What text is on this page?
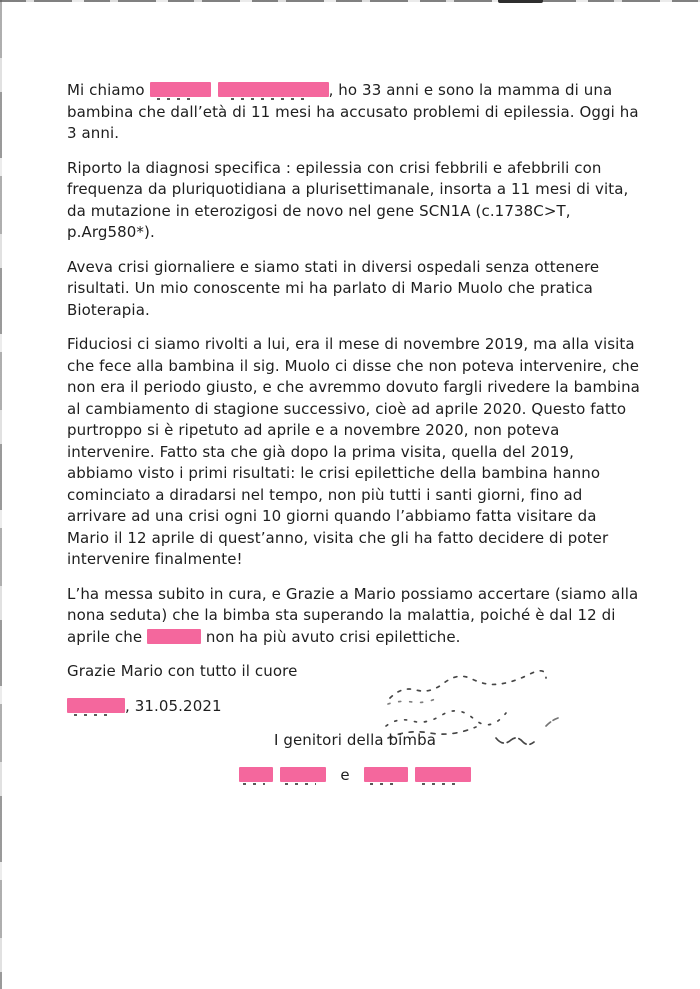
Mi chiamo	, ho 33 anni e sono la mamma di una bambina che dall’età di 11 mesi ha accusato problemi di epilessia. Oggi ha 3 anni.

Riporto la diagnosi specifica : epilessia con crisi febbrili e afebbrili con frequenza da pluriquotidiana a plurisettimanale, insorta a 11 mesi di vita, da mutazione in eterozigosi de novo nel gene SCN1A (c.1738C>T, p.Arg580*).

Aveva crisi giornaliere e siamo stati in diversi ospedali senza ottenere risultati. Un mio conoscente mi ha parlato di Mario Muolo che pratica Bioterapia.

Fiduciosi ci siamo rivolti a lui, era il mese di novembre 2019, ma alla visita che fece alla bambina il sig. Muolo ci disse che non poteva intervenire, che non era il periodo giusto, e che avremmo dovuto fargli rivedere la bambina al cambiamento di stagione successivo, cioè ad aprile 2020. Questo fatto purtroppo si è ripetuto ad aprile e a novembre 2020, non poteva intervenire. Fatto sta che già dopo la prima visita, quella del 2019, abbiamo visto i primi risultati: le crisi epilettiche della bambina hanno cominciato a diradarsi nel tempo, non più tutti i santi giorni, fino ad arrivare ad una crisi ogni 10 giorni quando l’abbiamo fatta visitare da Mario il 12 aprile di quest’anno, visita che gli ha fatto decidere di poter intervenire finalmente!

L’ha messa subito in cura, e Grazie a Mario possiamo accertare (siamo alla nona seduta) che la bimba sta superando la malattia, poiché è dal 12 di aprile che	non ha più avuto crisi epilettiche.

Grazie Mario con tutto il cuore

, 31.05.2021

I genitori della bimba

e
